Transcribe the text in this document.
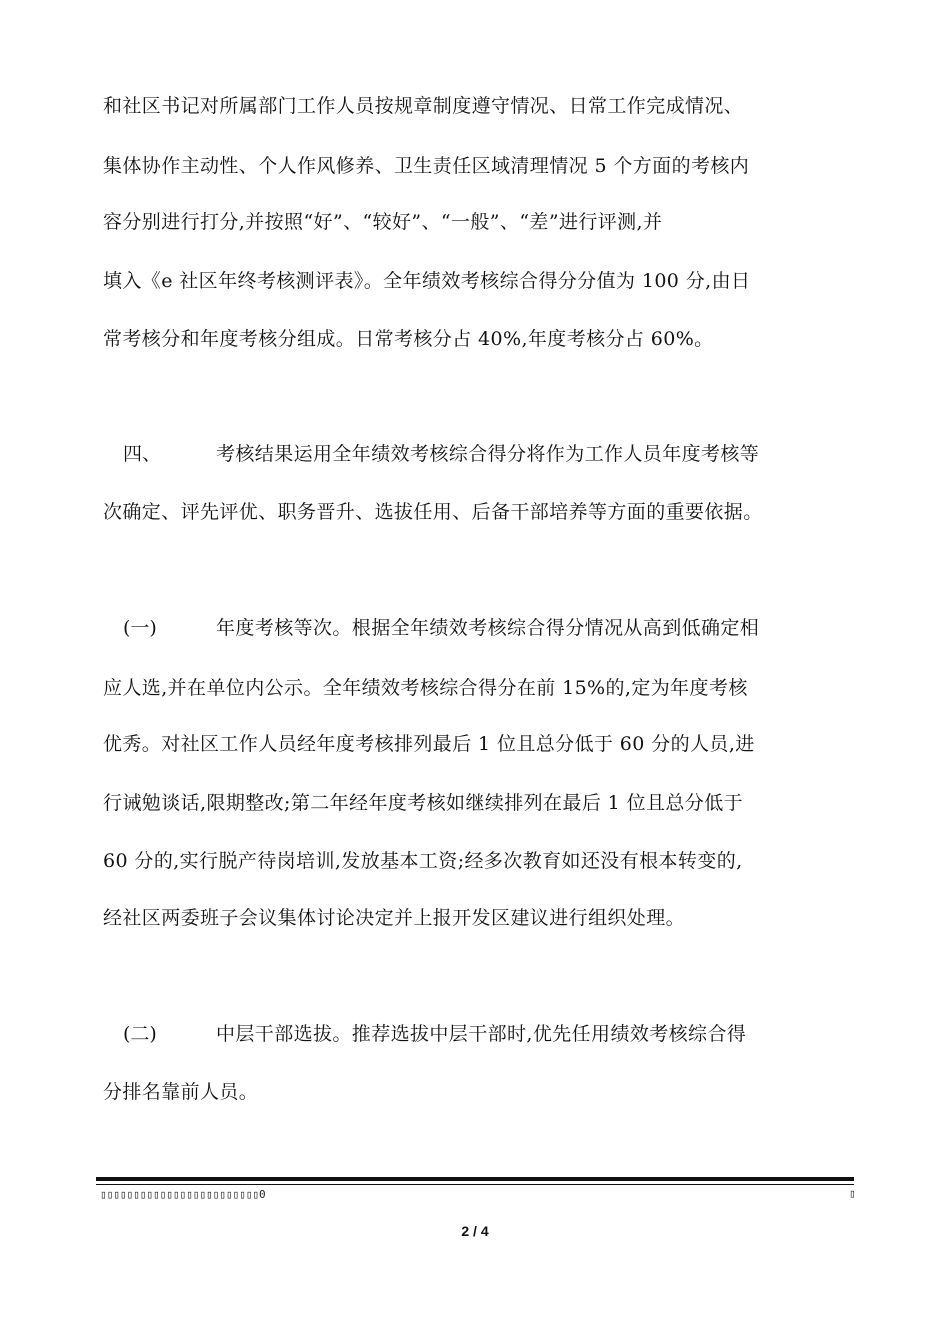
和社区书记对所属部门工作人员按规章制度遵守情况、日常工作完成情况、
集体协作主动性、个人作风修养、卫生责任区域清理情况 5 个方面的考核内
容分别进行打分,并按照“好”、“较好”、“一般”、“差”进行评测,并
填入《e 社区年终考核测评表》。全年绩效考核综合得分分值为 100 分,由日
常考核分和年度考核分组成。日常考核分占 40%,年度考核分占 60%。
四、	考核结果运用全年绩效考核综合得分将作为工作人员年度考核等
次确定、评先评优、职务晋升、选拔任用、后备干部培养等方面的重要依据。
(一)	年度考核等次。根据全年绩效考核综合得分情况从高到低确定相
应人选,并在单位内公示。全年绩效考核综合得分在前 15%的,定为年度考核
优秀。对社区工作人员经年度考核排列最后 1 位且总分低于 60 分的人员,进
行诫勉谈话,限期整改;第二年经年度考核如继续排列在最后 1 位且总分低于
60 分的,实行脱产待岗培训,发放基本工资;经多次教育如还没有根本转变的,
经社区两委班子会议集体讨论决定并上报开发区建议进行组织处理。
(二)	中层干部选拔。推荐选拔中层干部时,优先任用绩效考核综合得
分排名靠前人员。
▯▯▯▯▯▯▯▯▯▯▯▯▯▯▯▯▯▯▯▯▯▯▯▯0	▯
2 / 4
